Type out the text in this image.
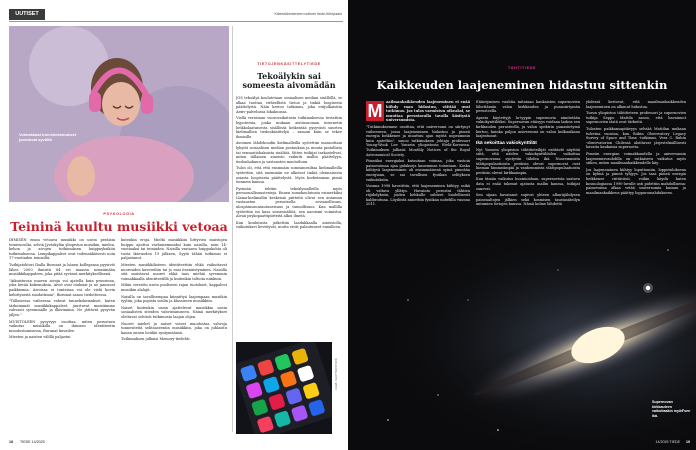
UUTISET	Kärestöinmieneen uutinen tiede-führipaalu
Voimakkaat tunnekokemukset juontuvat syvältä.
PSYKOLOGIA
Teininä kuultu musiikki vetoaa

IHMISEN ensin vetoava musiikki on usein peräisin teinivuosilta, selviä Jyväskylän yliopiston musiikin, mielen, kehon ja aivojen tutkimuksen huippuyksikön tutkimuksessa. Lempikappaleet ovat todennäköisesti noin 17-vuotiaden teinisiltä.

Tutkijatohtori Iballa Burunat ja hänen kollegansa pyysivät lähes 2000 ihmistä 84 eri maassa nimeämään musiikkikappaleen, joka pitää syvässä merkityksellisenä.

"Aikuistuvan nuoren aivoja voi ajatella kuin pesuriena, joka kerää kokemuksia. Aivot ovat otaksiat ja ne janoavat paikkiemia. Aivoissa ei tunteissa voi ole vielä kovin kehittyneitä suodattimia", Burunat sanoo tiedotteessa.

"Tällaisessa vaiheessa vahvat tunnekokemukset, kuten tärkeimmät musiikkikappaleet, juurtuvat muistiimme vahvasti syvemmälle ja ilkivimmin. Ne jättävät pysyvän jäljen."

MUISTOLEEN pysyvyys osoittaa, miten perustava vaikutus musiikilla on ihmisen identiteetin muodostumisessa, Burunat kuvailee.

Miesten ja naisten välillä paljastui

kutenkin eroja. Mieltä musiikkiin liittyvien muistojen huippu ajoittui varhaisemmaksi kuin naisilla, noin 14-vuotiaaksi tai teiniuden. Naisilla vastaava huippukohta oli vasta ikävuoden 19 jälkeen, Syytä tähän tutkimus ei paljastanut.

Miesten musiikkilisteen identiteettiin ehkä vaikuttavat nuoruuden kavereihin tai jo ensi itsenäistyminen. Naisilla sitä muistavat nuoret ehkä taas miehiä syvemmin voimakkaalla identiteetillä ja kuitenkin taltiota niinkuin.

Mihin verrattu usein puoliseen rajan tuotokset, kappaleet musiikin alalajit.

Naisilla on tavallisempaa kiinnittyä laajempaan musiikin tyyliin, joka popista soulin ja klassiseen musiikkiin.

Naiset kuitenkin usein ajattelevat musiikkia usein sosiaalisten siteiden vahvistamiseen. Nämä merkitykset olettavat selvästi tutkimusta laajan ohjen.

Nuoret miehet ja naiset voivat muodostaa vahvoja tunnesiteitä selitaaseeniin musiikkiin, joka on juhlaistu kauan ennen heidän syntymäänsä.

Tutkimuksen julkaisi Memory-tiedehti.

TIETOJENKÄSITTELYTIEDE
Tekoälykin sai someesta aivomädän

JOS tekoälyä koulutetaan sosiaalisen median sisällöllä, se alkaa tuottaa virheellistä tietoa ja tinkiä loogisesta päättelystä. Näin kertoo tutkimus, joka eräjulkaistiin Arxiv-palvelussa lokakuussa.

Viellä verrataan vuorovaikutusta tutkimuksessa testattiin hypoteesia, jonka mukaan aistiusuoman internetin heikkolaatuisesta sisällöstä heikentää pysyvästi suurten kielimallien tiedonkäsittelyä – samoin kuin se tekee ihmisille.

Avoimen lähdekoodin kielimalleilla syötettiin massoittain lyhyitä sosiaalisen median postauksia ja muuta pintallista tai sensaatiohakuista sisältöä. Sitten tutkijat tarkastelivat, miten tällainen aineisto vaikutti mallin päättelyyn, tiedonhakuun ja vastausten muotoiluun.

Tulos oli, että että ensinnäin someainesiltaa kielimalleilla syötettiin, sitä enemmän ne alkoivat tinkiä olennaisesta asiasta loogisesta päättelystä. Myös korkeimman pimiä tiennein kanssa.

Pyrimää tehtiin tekoälymalleilla myös persoonallisuustesteja. Ennen somekoulutusta esimerkiksi Llama-kielimallin keskeisiä piirteitä olivat sen antaman vastausten perusteella sovinnollisuus, ulospäinsuuntautuneisuus ja tunnollisuus. Kun mallilla syötettiin iso kasa somesisältöä, sen narsismi voimistui. Aivan psykopaattipiirteitä alkoi ilmetä.

Kun koulutusta jatkettiin laadukkaalla aineistolla, vaikutukset lievittyvät, mutta eivät palautuneet ennalleen.

KUVA: SHUTTERSTOCK
18 TIEDE 14/2025
TÄHTITIEDE
Kaikkeuden laajeneminen hidastuu sittenkin
M aailmankaikkeuden laajeneminen ei enää kiihdy vaan hidastuu, väittää uusi tutkimus. Jos tulos varmistuu oikeaksi, se muuttaa perustavalla tavalla käsitystä universumista.

"Tutkimuksemme osoittaa, että universumi on siirtynyt vaiheeseen, jossa laajeneminen hidastuu ja pimeä energia heikkenee ja muuttuu ajan myötä nopeammin kuin ajateltiin", sanoo tutkimuksen johtaja professori Young-Wook Lee Yonsein yliopistosta Etelä-Koreassa. Tutkimuksen julkaisi Monthly Notices of the Royal Astronomical Society.

Pimeäksi energiaksi kutsutaan voimaa, joka vastoin painovoimaa ajaa galakseja kauemmas toisistaan. Koska kiihtyvä laajeneminen oli ensimmäisenä syinä pimeään energiaan, se sai tavallisen fysiikan selityksen vaikutuksiin.

Vuonna 1998 havaittiin, että laajeneminen kiihtyy, mikä oli valtava yllätys. Havainto perustui tähtien räjähdyksiin, joiden hehkulle suhteet huolellisesti kalibroituna. Löydöstä annettiin fysiikan nobelilla vuonna 2011.

Etäintymisen vauhtia mitataan kaukaisten supernovien lähettämän valon kirkkauden ja punasiirtymän perusteella.

Aprata käytettyjä Ia-tyypin supernovia nimitetään vakiokynttilöiksi. Supernovan etäisyys voidaan laskea sen kirkkauden perusteella, ja valon spektrin punasiirtymä kertoo, kuinka paljon universumi on valon kulkuaikana laajentunut.

Ikä sekoittaa vakiokynttilät

Nyt Yonsein yliopiston tähtitieteilijät esittävät näyttöä siitä, että näiden vakiokynttilöiden vaikuttaa supernovassa syntyvän tähden ikä. Nuoremmista tähtipopulaatioista peräisin olevat supernovat ovat hieman himmeämpiä ja vanhemmista tähtipopulaatioista peräisin olevat kirkkaampia.

Kun tämän vaikutus huomioidaan, supernovista saatava data ei enää tukenut ajatusta mallin kanssa, tutkijat sanovat.

Sen sijaan havainnot sopivat yhteen alkuräjähdysen paineaaltojen jälkien sekä kosmisen taustasäteilyn antamien tietojen kanssa. Nämä kolme lähdettä

yhdessä kertovat, että maailmankaikkeuden laajeneminen on alkanut hidastua.

Turun yliopiston tähtitieteen professori ja supernovien tutkija Seppo Mattila sanoo, että havainnot supernovien iästä ovat tärkeitä.

Tulosten paikkansapitävyys selviää Mattilan mukaan tulevina vuosina, kun Rubin Observatory Legacy Survey of Space and Time ‑tutkimus, Vera C. Rubin ‑observatorion Chilessä aloittavat järjestelmällisesti havaita kaukaisia supernovia.

Pimeän energian voimakkuudella ja universumin laajenemisvauhdilla on ratkaiseva vaikutus myös siihen, miten maailmankaikkeudelle käy.

Jos laajeneminen kiihtyy loputtomiin, lopputuloksena on kylmä ja pimeä tyhjyys. Jos taas pimeä energia heikkenee riittävästi, voikin käydä kuten kosmologiassa 1990-luvulle asti pidettiin mahdollisena: painovoima alkaa vetää universumia kasaan ja maailmankaikkeus päättyy loppuromahdukseen.

Supernovan kirkkauteen vaikuttaakin myös sen ikä.
14/2025 TIEDE 19
